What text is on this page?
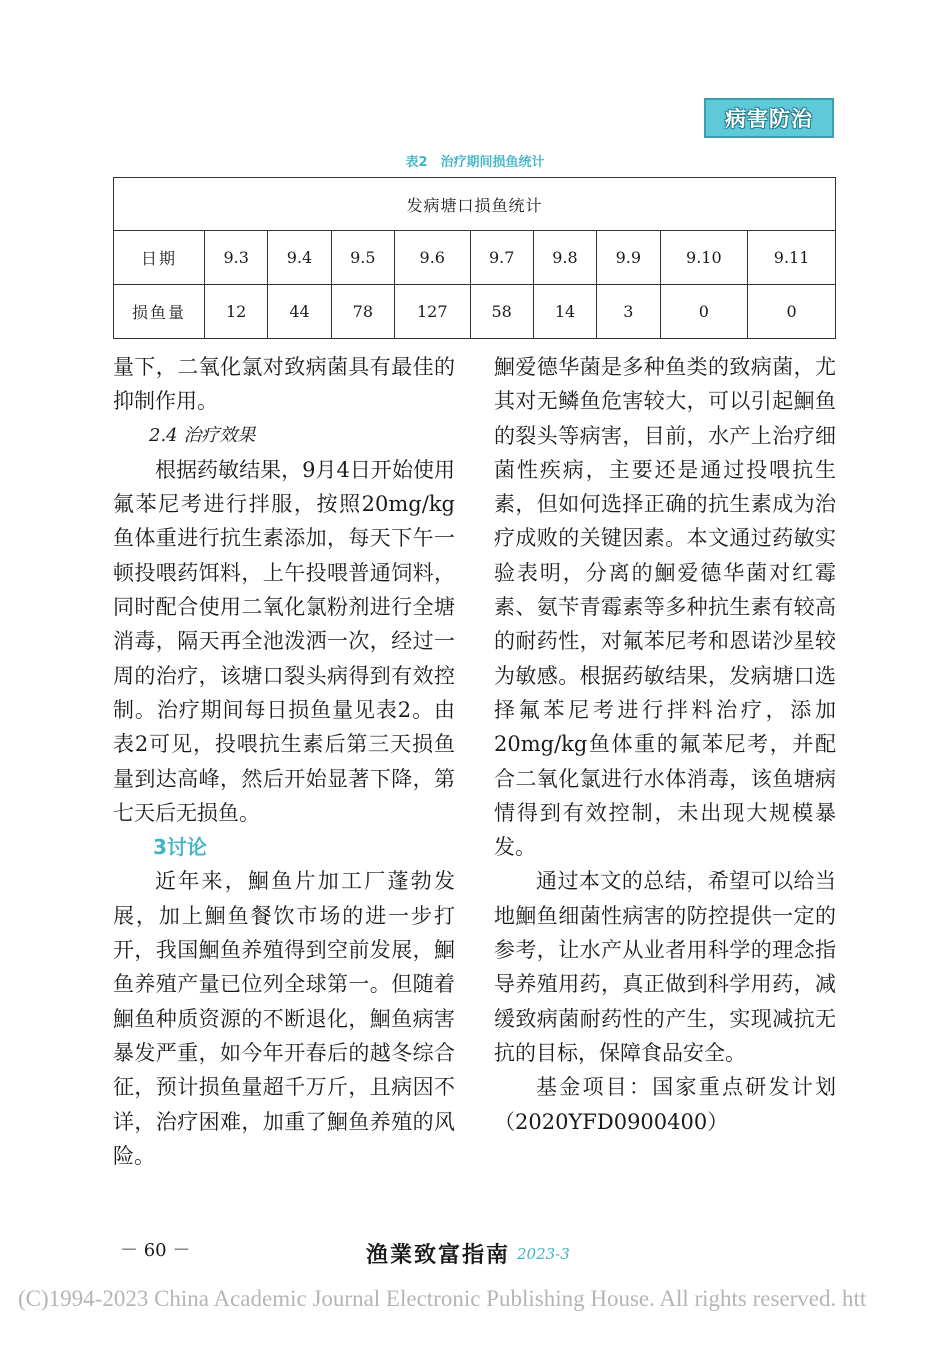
病害防治
表2　治疗期间损鱼统计
发病塘口损鱼统计									
日期	9.3	9.4	9.5	9.6	9.7	9.8	9.9	9.10	9.11
损鱼量	12	44	78	127	58	14	3	0	0

量下，二氧化氯对致病菌具有最佳的抑制作用。

2.4 治疗效果

根据药敏结果，9月4日开始使用氟苯尼考进行拌服，按照20mg/kg鱼体重进行抗生素添加，每天下午一顿投喂药饵料，上午投喂普通饲料，同时配合使用二氧化氯粉剂进行全塘消毒，隔天再全池泼洒一次，经过一周的治疗，该塘口裂头病得到有效控制。治疗期间每日损鱼量见表2。由表2可见，投喂抗生素后第三天损鱼量到达高峰，然后开始显著下降，第七天后无损鱼。

3讨论

近年来，鮰鱼片加工厂蓬勃发展，加上鮰鱼餐饮市场的进一步打开，我国鮰鱼养殖得到空前发展，鮰鱼养殖产量已位列全球第一。但随着鮰鱼种质资源的不断退化，鮰鱼病害暴发严重，如今年开春后的越冬综合征，预计损鱼量超千万斤，且病因不详，治疗困难，加重了鮰鱼养殖的风险。

鮰爱德华菌是多种鱼类的致病菌，尤其对无鳞鱼危害较大，可以引起鮰鱼的裂头等病害，目前，水产上治疗细菌性疾病，主要还是通过投喂抗生素，但如何选择正确的抗生素成为治疗成败的关键因素。本文通过药敏实验表明，分离的鮰爱德华菌对红霉素、氨苄青霉素等多种抗生素有较高的耐药性，对氟苯尼考和恩诺沙星较为敏感。根据药敏结果，发病塘口选择氟苯尼考进行拌料治疗，添加20mg/kg鱼体重的氟苯尼考，并配合二氧化氯进行水体消毒，该鱼塘病情得到有效控制，未出现大规模暴发。

通过本文的总结，希望可以给当地鮰鱼细菌性病害的防控提供一定的参考，让水产从业者用科学的理念指导养殖用药，真正做到科学用药，减缓致病菌耐药性的产生，实现减抗无抗的目标，保障食品安全。

基金项目：国家重点研发计划（2020YFD0900400）

－ 60 －	渔業致富指南 2023-3
(C)1994-2023 China Academic Journal Electronic Publishing House. All rights reserved. htt
